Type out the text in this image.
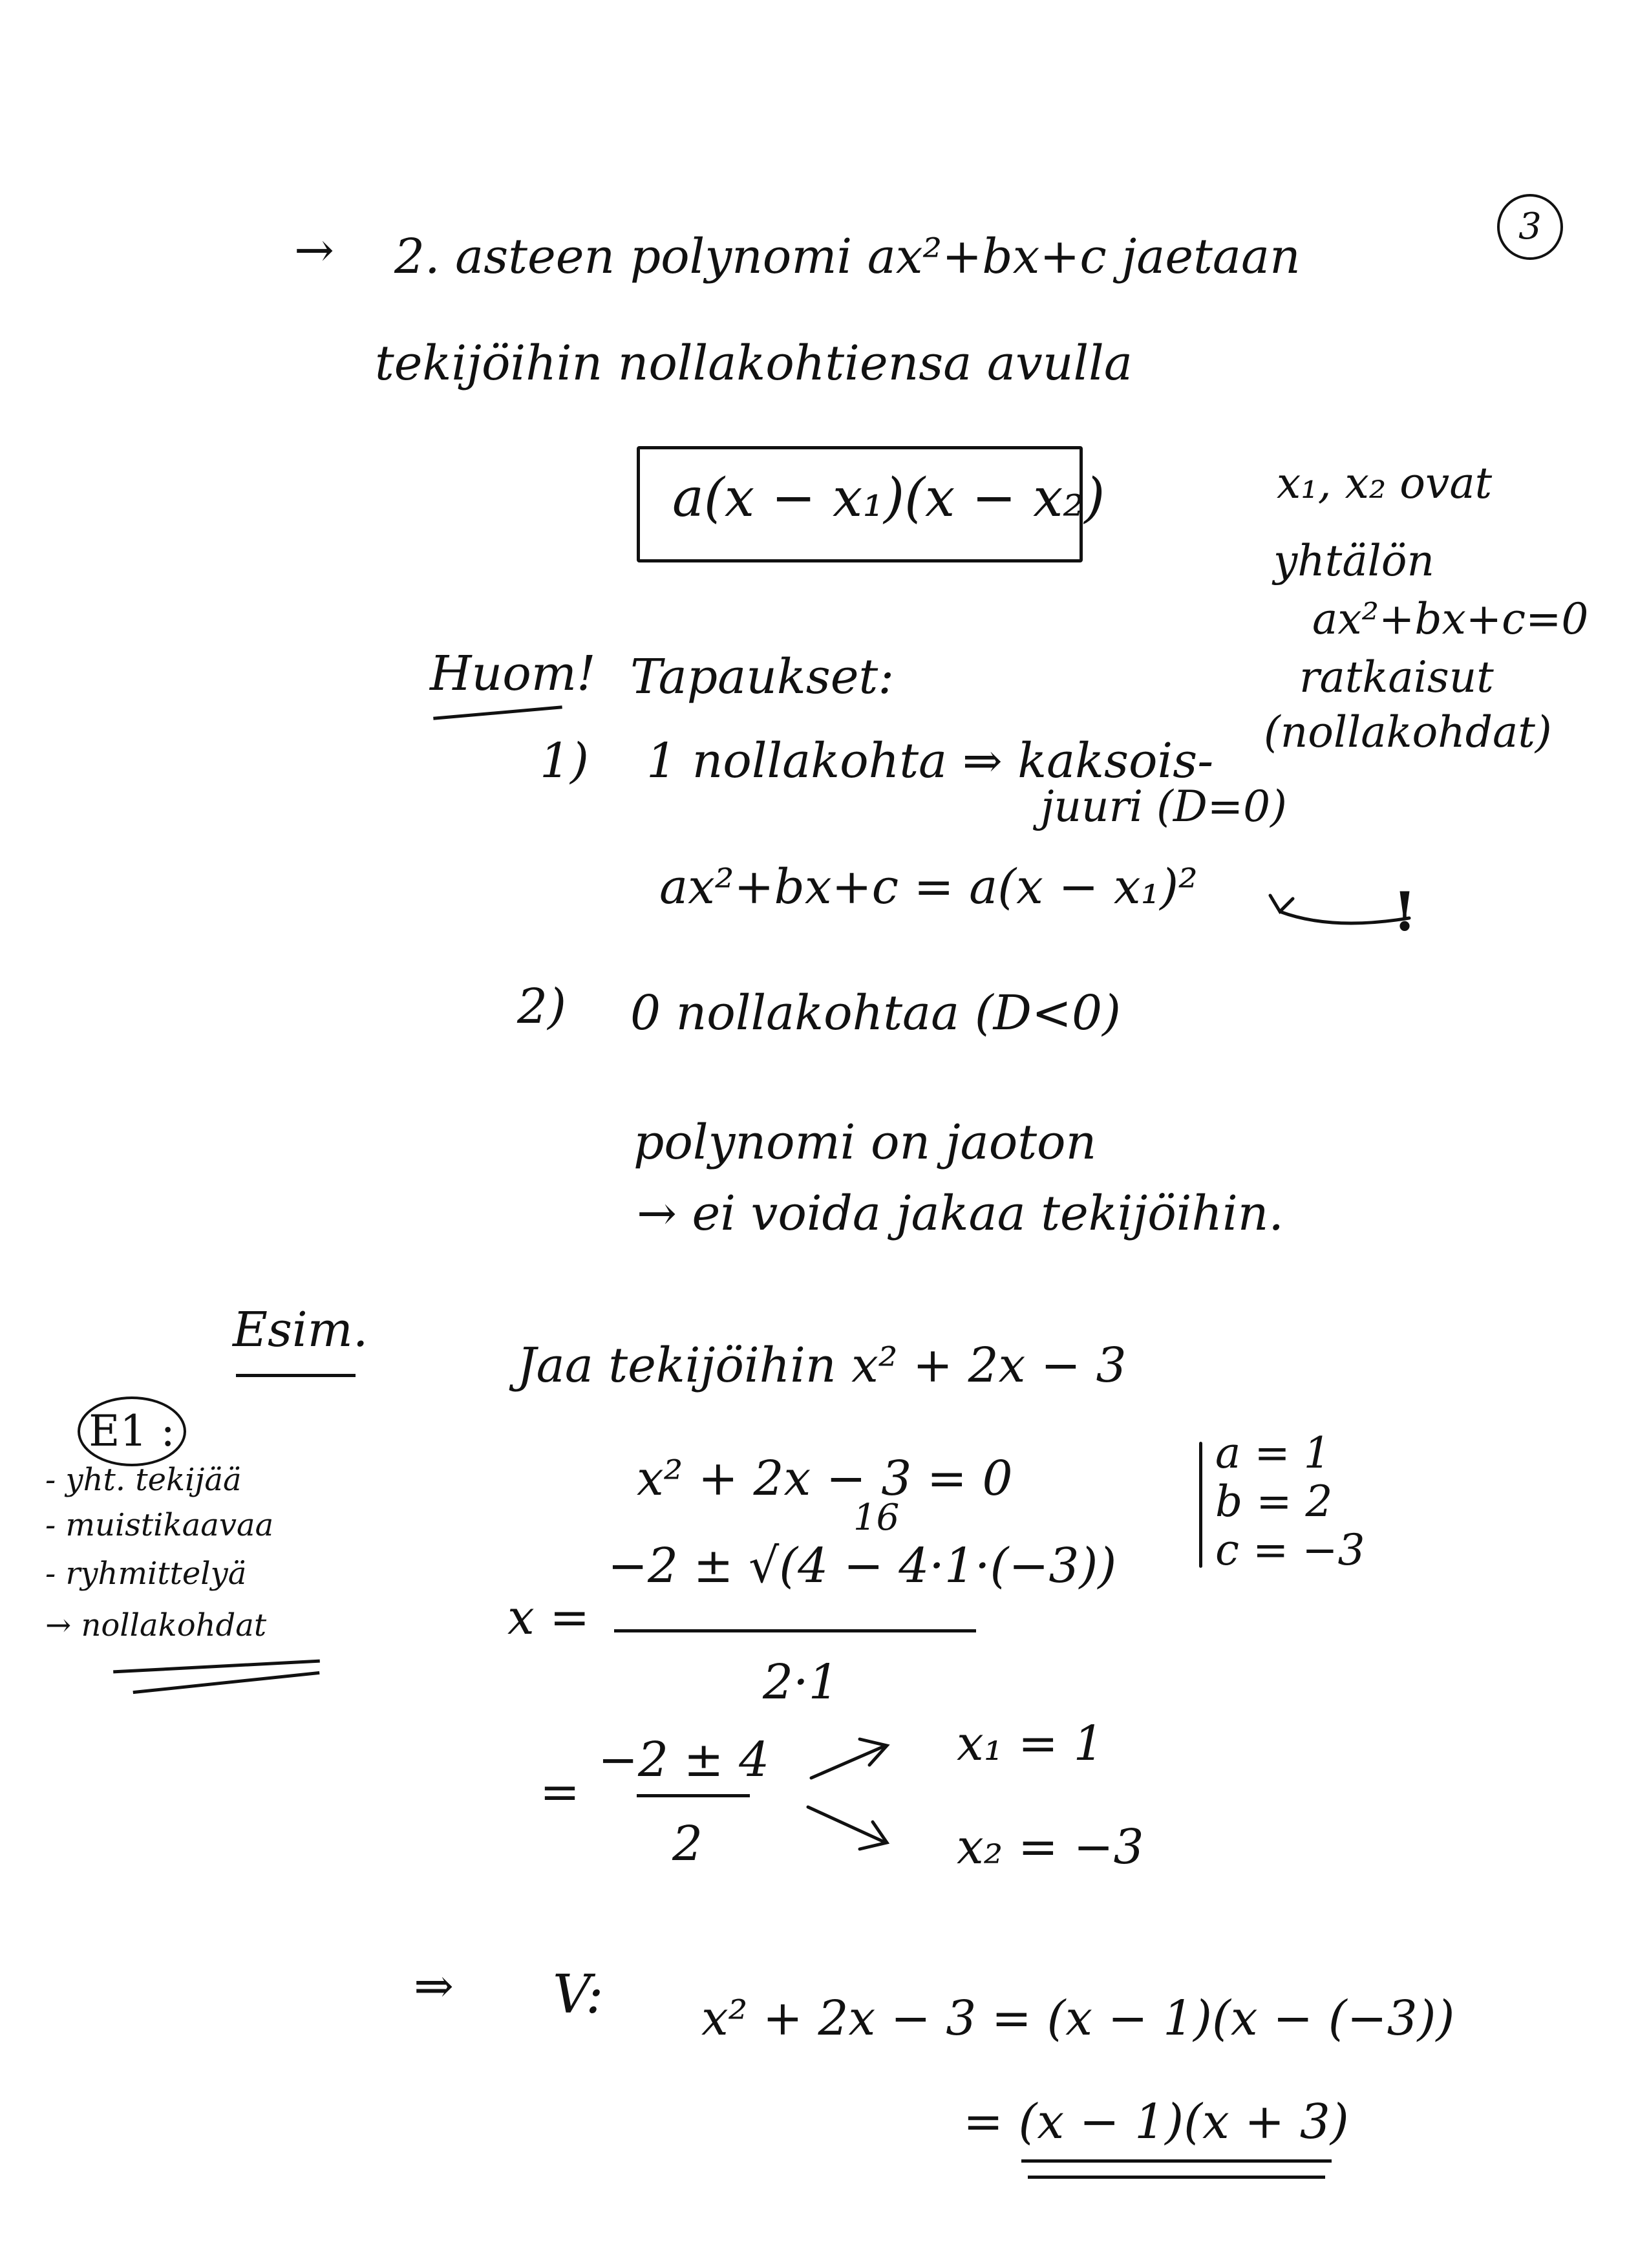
3
→ 2. asteen polynomi ax²+bx+c jaetaan
tekijöihin nollakohtiensa avulla
a(x − x₁)(x − x₂)	x₁, x₂ ovat
yhtälön
ax²+bx+c=0
ratkaisut
(nollakohdat)
Huom! Tapaukset:
1) 1 nollakohta ⇒ kaksois-
juuri (D=0)
ax²+bx+c = a(x − x₁)²	!
2) 0 nollakohtaa (D<0)
polynomi on jaoton
→ ei voida jakaa tekijöihin.
Esim.
E1 :
- yht. tekijää
- muistikaavaa
- ryhmittelyä
→ nollakohdat
Jaa tekijöihin x² + 2x − 3
x² + 2x − 3 = 0	a = 1
b = 2
c = −3
x =
16
−2 ± √(4 − 4·1·(−3))
2·1
=
−2 ± 4
2
x₁ = 1
x₂ = −3
⇒ V: x² + 2x − 3 = (x − 1)(x − (−3))
= (x − 1)(x + 3)
